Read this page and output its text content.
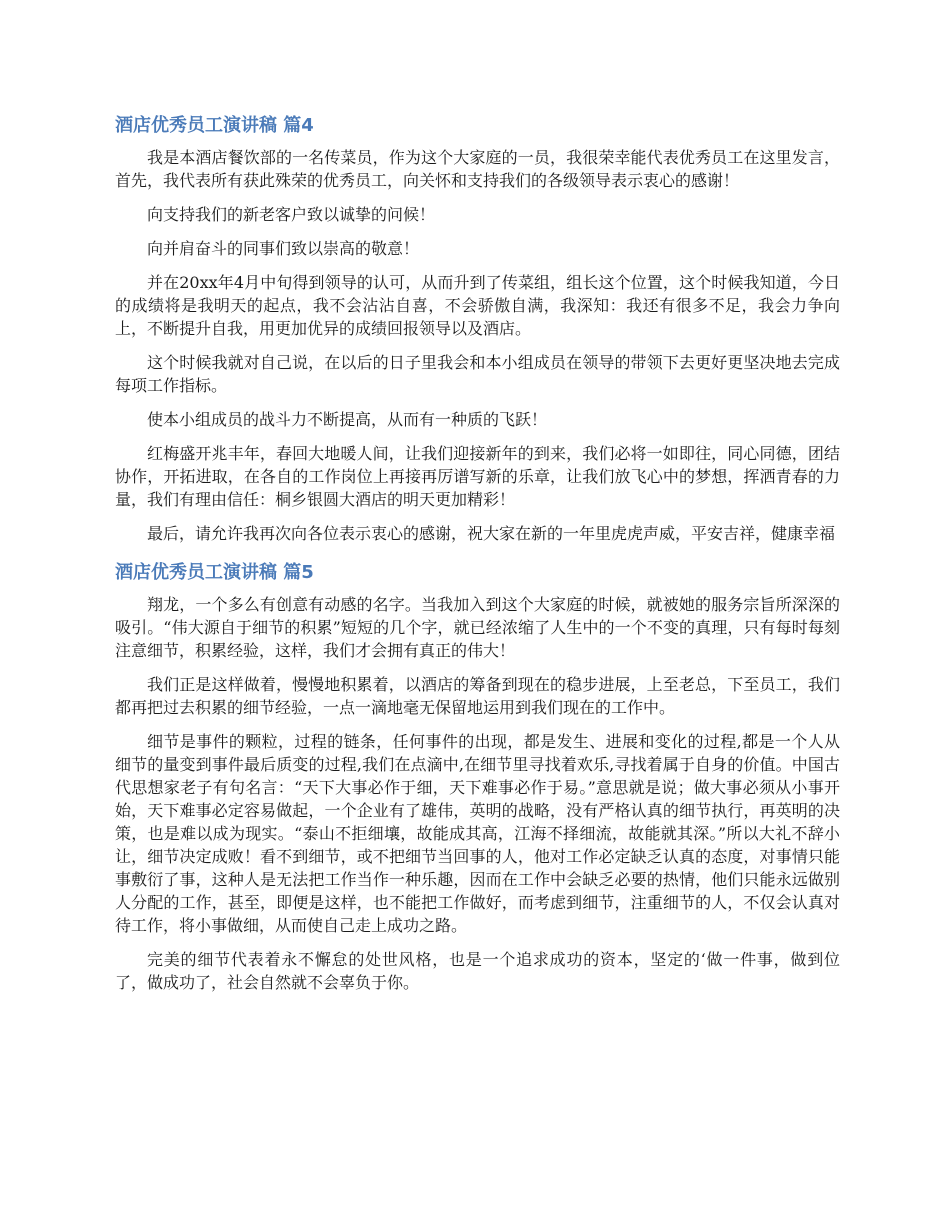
酒店优秀员工演讲稿 篇4

我是本酒店餐饮部的一名传菜员，作为这个大家庭的一员，我很荣幸能代表优秀员工在这里发言，首先，我代表所有获此殊荣的优秀员工，向关怀和支持我们的各级领导表示衷心的感谢！

向支持我们的新老客户致以诚挚的问候！

向并肩奋斗的同事们致以崇高的敬意！

并在20xx年4月中旬得到领导的认可，从而升到了传菜组，组长这个位置，这个时候我知道，今日的成绩将是我明天的起点，我不会沾沾自喜，不会骄傲自满，我深知：我还有很多不足，我会力争向上，不断提升自我，用更加优异的成绩回报领导以及酒店。

这个时候我就对自己说，在以后的日子里我会和本小组成员在领导的带领下去更好更坚决地去完成每项工作指标。

使本小组成员的战斗力不断提高，从而有一种质的飞跃！

红梅盛开兆丰年，春回大地暖人间，让我们迎接新年的到来，我们必将一如即往，同心同德，团结协作，开拓进取，在各自的工作岗位上再接再厉谱写新的乐章，让我们放飞心中的梦想，挥洒青春的力量，我们有理由信任：桐乡银圆大酒店的明天更加精彩！

最后，请允许我再次向各位表示衷心的感谢，祝大家在新的一年里虎虎声威，平安吉祥，健康幸福

酒店优秀员工演讲稿 篇5

翔龙，一个多么有创意有动感的名字。当我加入到这个大家庭的时候，就被她的服务宗旨所深深的吸引。“伟大源自于细节的积累”短短的几个字，就已经浓缩了人生中的一个不变的真理，只有每时每刻注意细节，积累经验，这样，我们才会拥有真正的伟大！

我们正是这样做着，慢慢地积累着，以酒店的筹备到现在的稳步进展，上至老总，下至员工，我们都再把过去积累的细节经验，一点一滴地毫无保留地运用到我们现在的工作中。

细节是事件的颗粒，过程的链条，任何事件的出现，都是发生、进展和变化的过程,都是一个人从细节的量变到事件最后质变的过程,我们在点滴中,在细节里寻找着欢乐,寻找着属于自身的价值。中国古代思想家老子有句名言：“天下大事必作于细，天下难事必作于易。”意思就是说；做大事必须从小事开始，天下难事必定容易做起，一个企业有了雄伟，英明的战略，没有严格认真的细节执行，再英明的决策，也是难以成为现实。“泰山不拒细壤，故能成其高，江海不择细流，故能就其深。”所以大礼不辞小让，细节决定成败！看不到细节，或不把细节当回事的人，他对工作必定缺乏认真的态度，对事情只能事敷衍了事，这种人是无法把工作当作一种乐趣，因而在工作中会缺乏必要的热情，他们只能永远做别人分配的工作，甚至，即便是这样，也不能把工作做好，而考虑到细节，注重细节的人，不仅会认真对待工作，将小事做细，从而使自己走上成功之路。

完美的细节代表着永不懈怠的处世风格，也是一个追求成功的资本，坚定的‘做一件事，做到位了，做成功了，社会自然就不会辜负于你。
